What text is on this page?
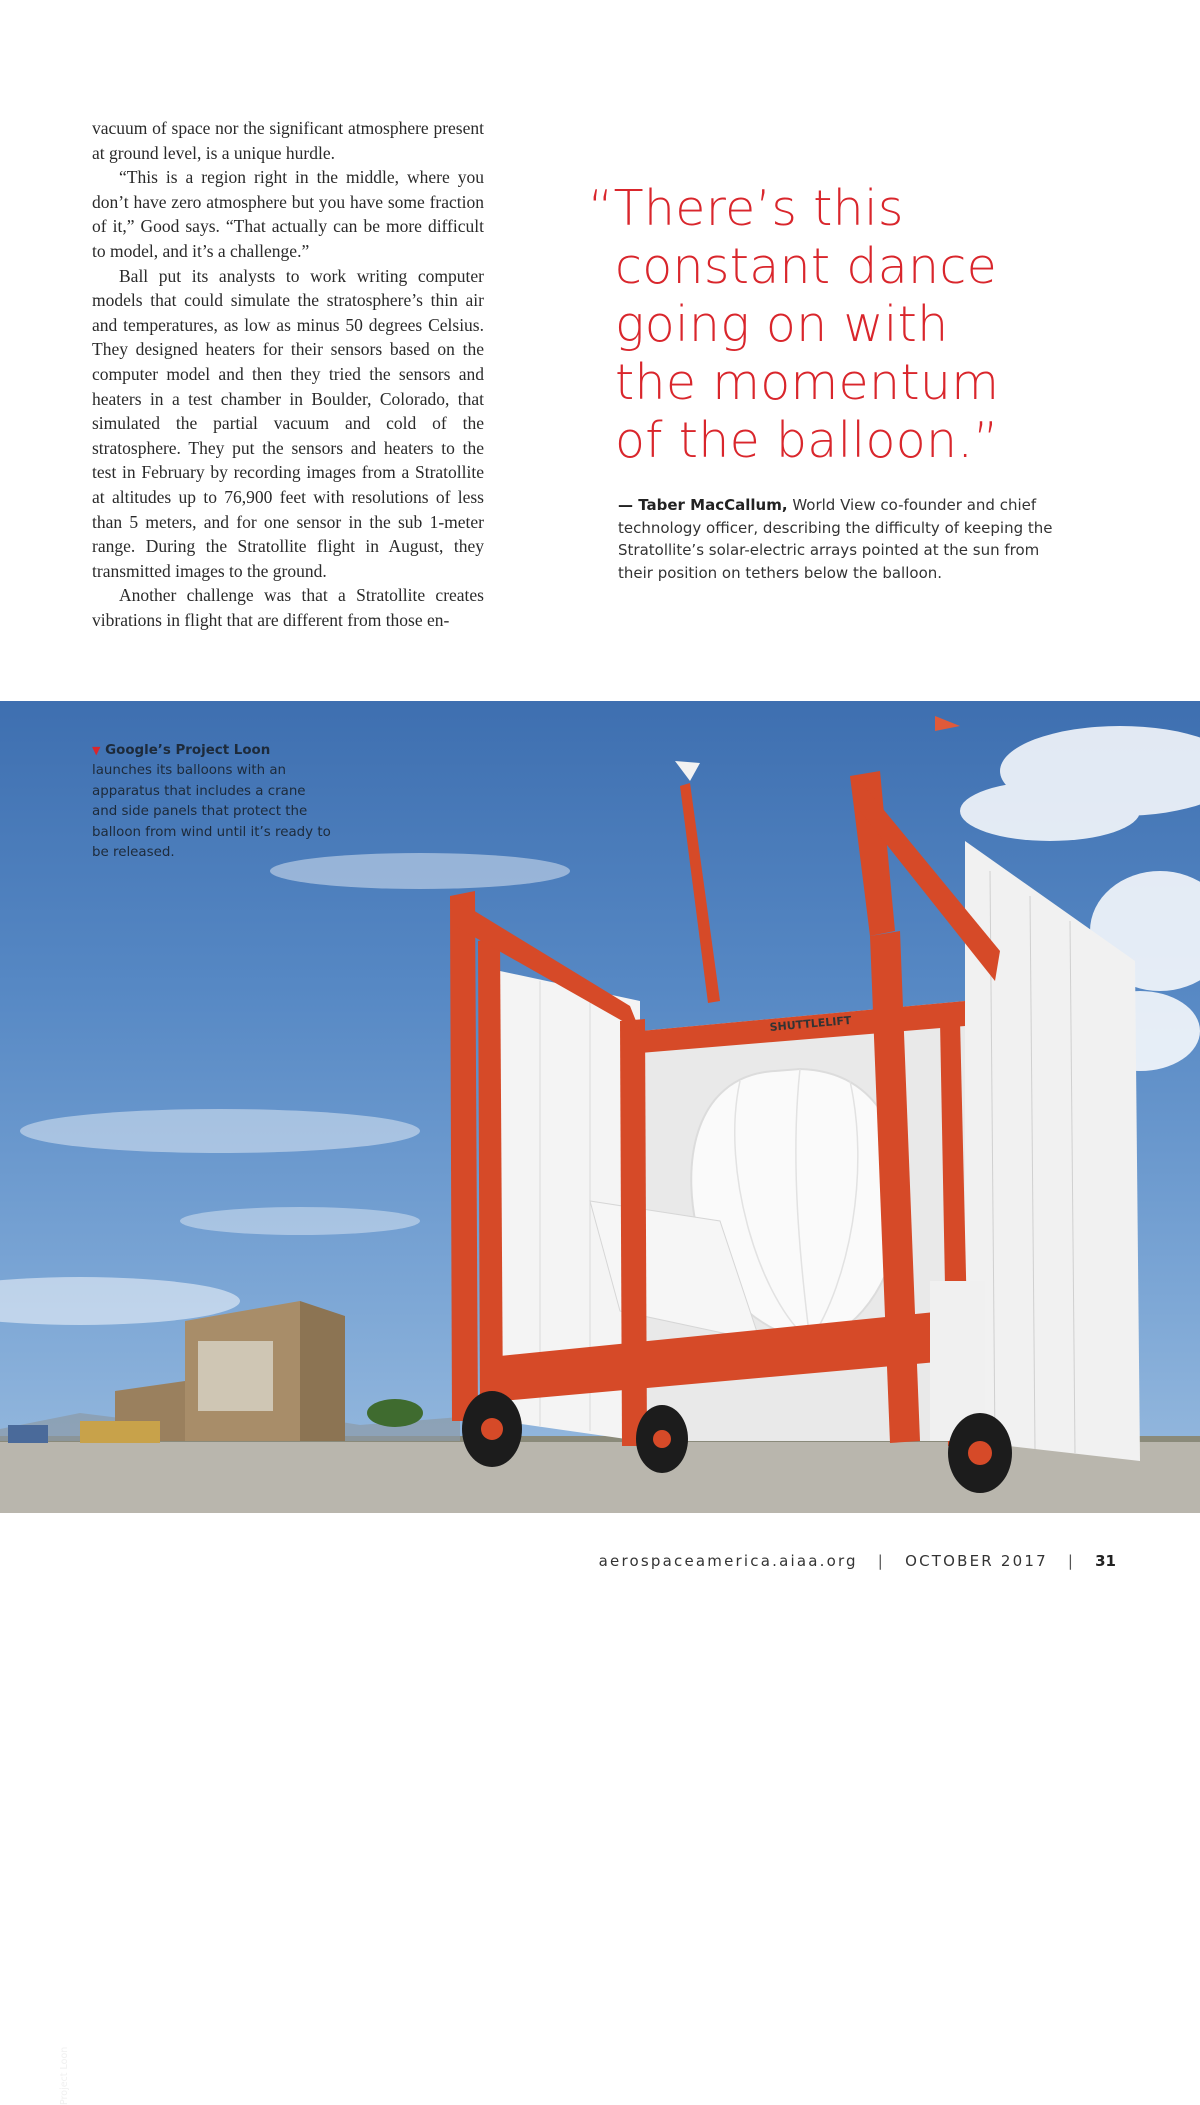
vacuum of space nor the significant atmosphere present at ground level, is a unique hurdle.

“This is a region right in the middle, where you don’t have zero atmosphere but you have some fraction of it,” Good says. “That actually can be more difficult to model, and it’s a challenge.”

Ball put its analysts to work writing computer models that could simulate the stratosphere’s thin air and temperatures, as low as minus 50 degrees Celsius. They designed heaters for their sensors based on the computer model and then they tried the sensors and heaters in a test chamber in Boulder, Colorado, that simulated the partial vacuum and cold of the stratosphere. They put the sensors and heaters to the test in February by recording images from a Stratollite at altitudes up to 76,900 feet with resolutions of less than 5 meters, and for one sensor in the sub 1-meter range. During the Stratollite flight in August, they transmitted images to the ground.

Another challenge was that a Stratollite creates vibrations in flight that are different from those en-

“There’s this
constant dance
going on with
the momentum
of the balloon.”
— Taber MacCallum, World View co-founder and chief technology officer, describing the difficulty of keeping the Stratollite’s solar-electric arrays pointed at the sun from their position on tethers below the balloon.
SHUTTLELIFT
Project Loon
▼ Google’s Project Loon launches its balloons with an apparatus that includes a crane and side panels that protect the balloon from wind until it’s ready to be released.
aerospaceamerica.aiaa.org | OCTOBER 2017 | 31
